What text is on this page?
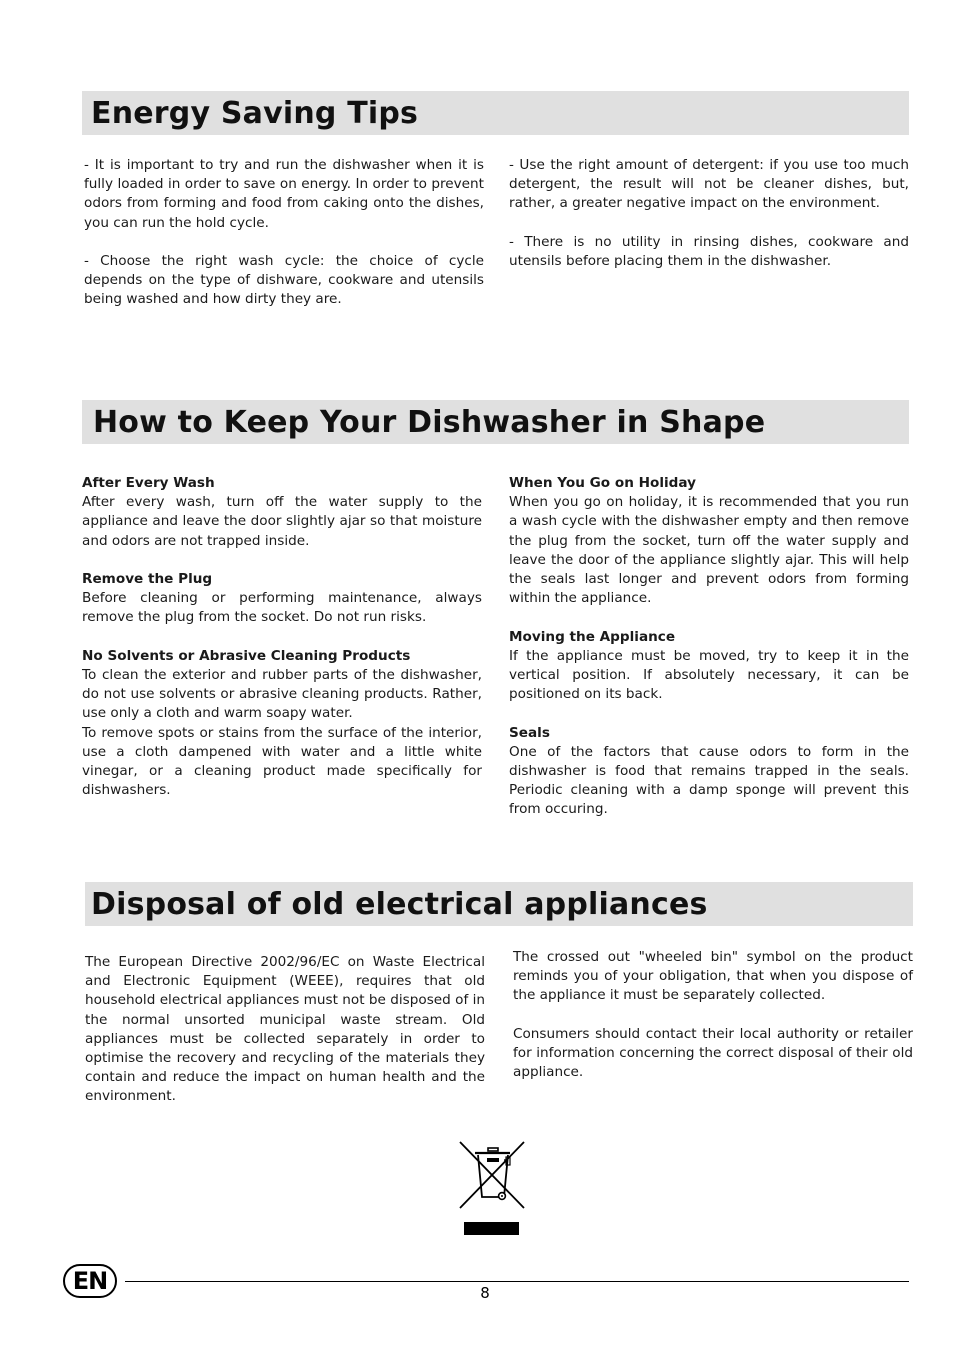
Energy Saving Tips

- It is important to try and run the dishwasher when it is fully loaded in order to save on energy. In order to prevent odors from forming and food from caking onto the dishes, you can run the hold cycle.

- Choose the right wash cycle: the choice of cycle depends on the type of dishware, cookware and utensils being washed and how dirty they are.

- Use the right amount of detergent: if you use too much detergent, the result will not be cleaner dishes, but, rather, a greater negative impact on the environment.

- There is no utility in rinsing dishes, cookware and utensils before placing them in the dishwasher.

How to Keep Your Dishwasher in Shape
After Every Wash

After every wash, turn off the water supply to the appliance and leave the door slightly ajar so that moisture and odors are not trapped inside.

Remove the Plug

Before cleaning or performing maintenance, always remove the plug from the socket. Do not run risks.

No Solvents or Abrasive Cleaning Products

To clean the exterior and rubber parts of the dishwasher, do not use solvents or abrasive cleaning products. Rather, use only a cloth and warm soapy water.

To remove spots or stains from the surface of the interior, use a cloth dampened with water and a little white vinegar, or a cleaning product made specifically for dishwashers.

When You Go on Holiday

When you go on holiday, it is recommended that you run a wash cycle with the dishwasher empty and then remove the plug from the socket, turn off the water supply and leave the door of the appliance slightly ajar. This will help the seals last longer and prevent odors from forming within the appliance.

Moving the Appliance

If the appliance must be moved, try to keep it in the vertical position. If absolutely necessary, it can be positioned on its back.

Seals

One of the factors that cause odors to form in the dishwasher is food that remains trapped in the seals. Periodic cleaning with a damp sponge will prevent this from occuring.

Disposal of old electrical appliances

The European Directive 2002/96/EC on Waste Electrical and Electronic Equipment (WEEE), requires that old household electrical appliances must not be disposed of in the normal unsorted municipal waste stream. Old appliances must be collected separately in order to optimise the recovery and recycling of the materials they contain and reduce the impact on human health and the environment.

The crossed out "wheeled bin" symbol on the product reminds you of your obligation, that when you dispose of the appliance it must be separately collected.

Consumers should contact their local authority or retailer for information concerning the correct disposal of their old appliance.

EN	8
